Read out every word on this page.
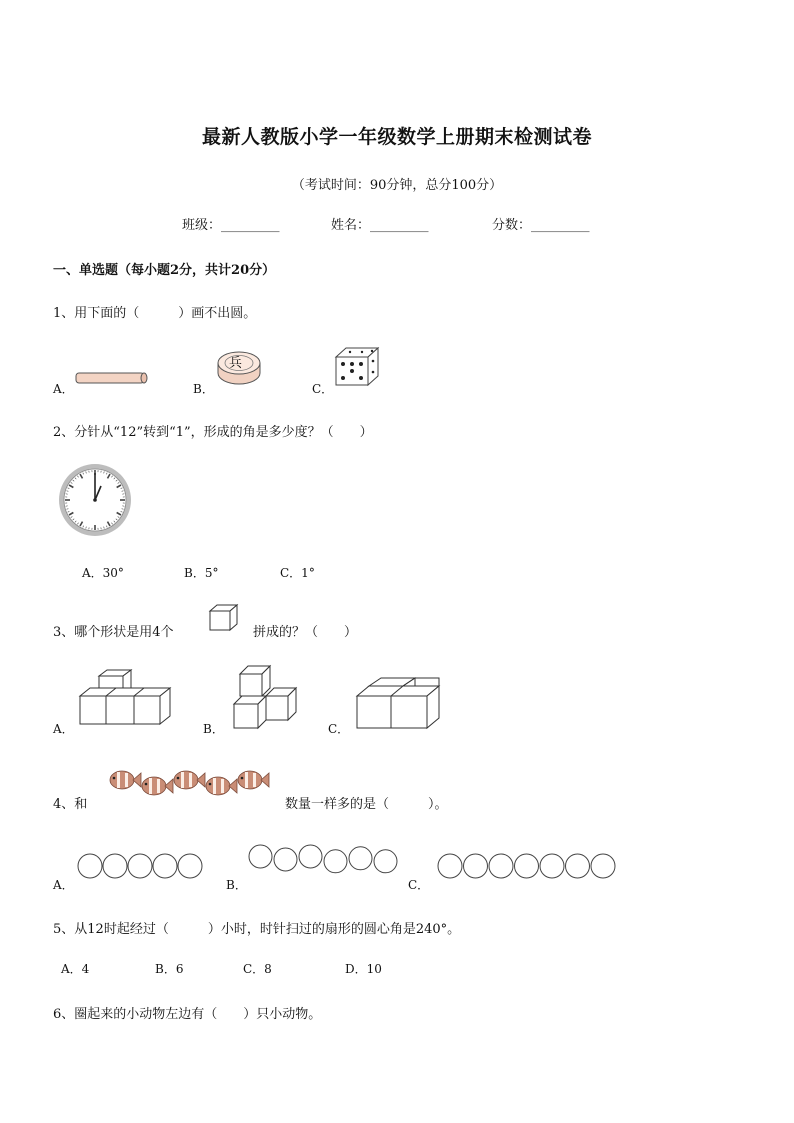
最新人教版小学一年级数学上册期末检测试卷
（考试时间：90分钟，总分100分）
班级：_________	姓名：_________	分数：_________
一、单选题（每小题2分，共计20分）
1、用下面的（　　　）画不出圆。
A．	B．
兵
C．
2、分针从“12”转到“1”，形成的角是多少度？（　　）
A．30°	B．5°	C．1°
3、哪个形状是用4个	拼成的？（　　）
A．	B．	C．
4、和	数量一样多的是（　　　）。
A．	B．	C．
5、从12时起经过（　　　）小时，时针扫过的扇形的圆心角是240°。
A．4	B．6	C．8	D．10
6、圈起来的小动物左边有（　　）只小动物。
